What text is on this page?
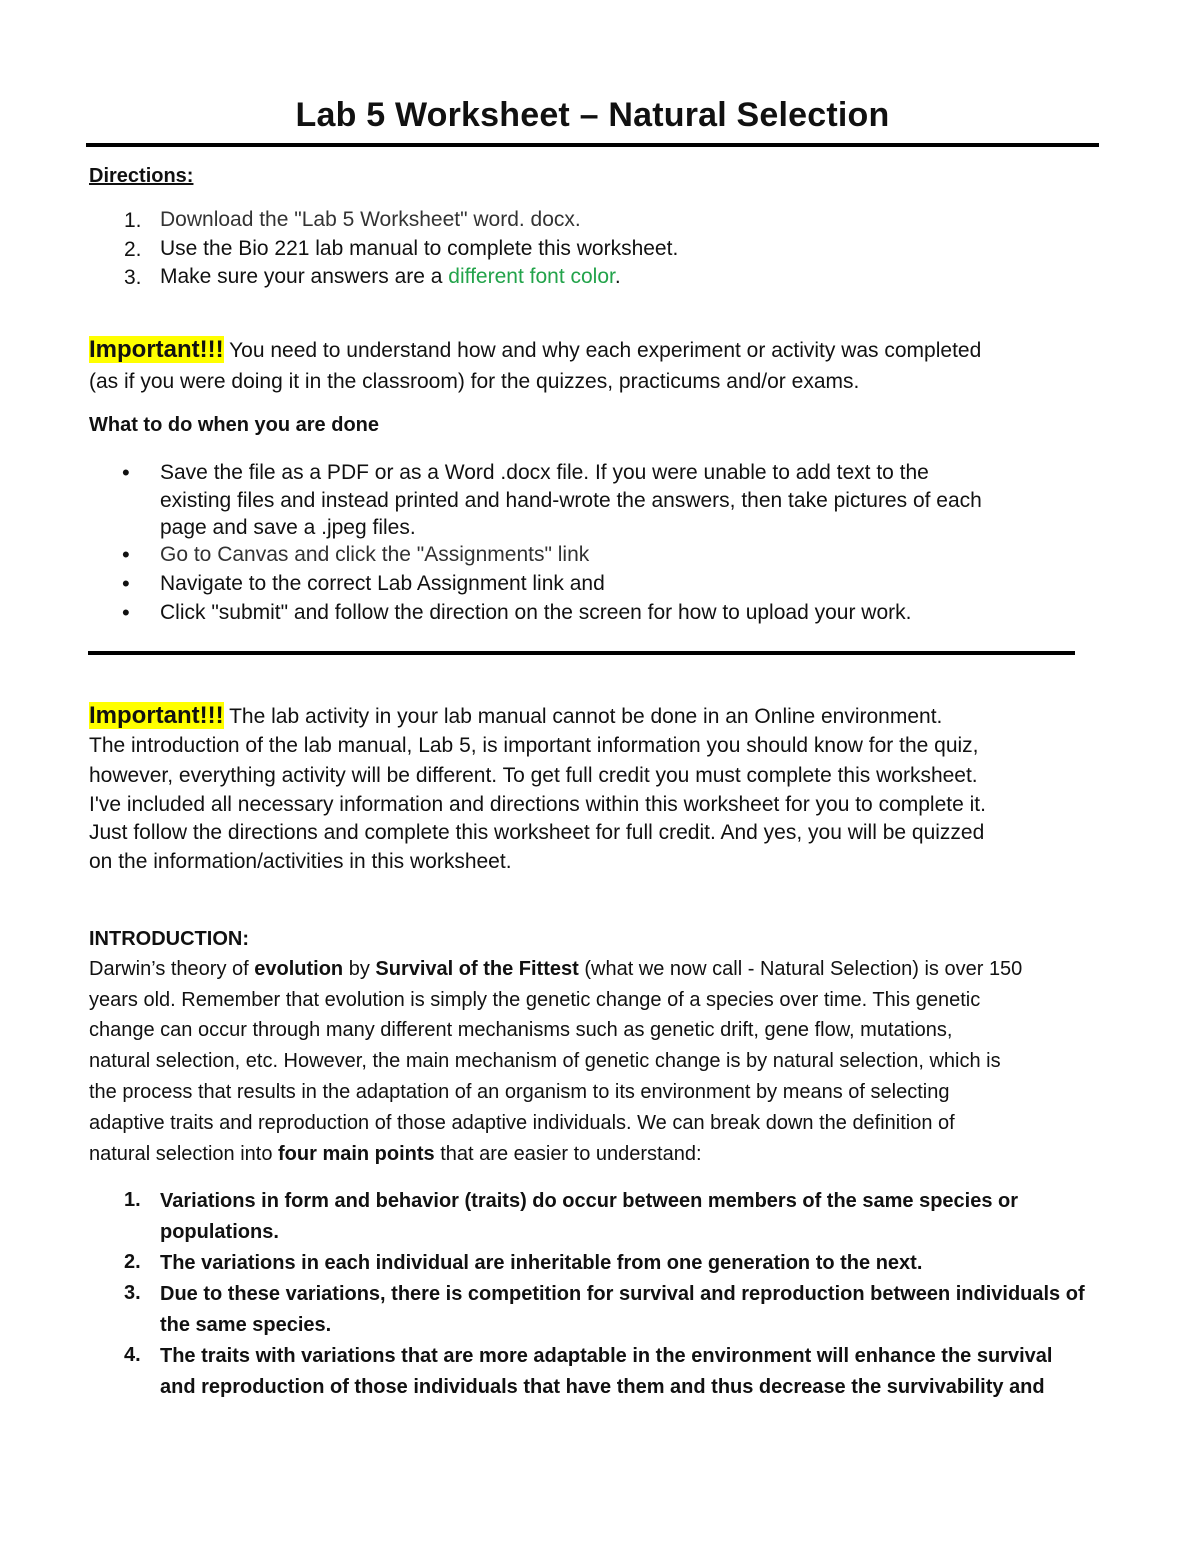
Lab 5 Worksheet – Natural Selection
Directions:
1. Download the "Lab 5 Worksheet" word. docx.
2. Use the Bio 221 lab manual to complete this worksheet.
3. Make sure your answers are a different font color.
Important!!! You need to understand how and why each experiment or activity was completed
(as if you were doing it in the classroom) for the quizzes, practicums and/or exams.
What to do when you are done
• Save the file as a PDF or as a Word .docx file. If you were unable to add text to the
existing files and instead printed and hand-wrote the answers, then take pictures of each
page and save a .jpeg files.
• Go to Canvas and click the "Assignments" link
• Navigate to the correct Lab Assignment link and
• Click "submit" and follow the direction on the screen for how to upload your work.
Important!!! The lab activity in your lab manual cannot be done in an Online environment.
The introduction of the lab manual, Lab 5, is important information you should know for the quiz,
however, everything activity will be different. To get full credit you must complete this worksheet.
I've included all necessary information and directions within this worksheet for you to complete it.
Just follow the directions and complete this worksheet for full credit. And yes, you will be quizzed
on the information/activities in this worksheet.
INTRODUCTION:
Darwin’s theory of evolution by Survival of the Fittest (what we now call - Natural Selection) is over 150
years old. Remember that evolution is simply the genetic change of a species over time. This genetic
change can occur through many different mechanisms such as genetic drift, gene flow, mutations,
natural selection, etc. However, the main mechanism of genetic change is by natural selection, which is
the process that results in the adaptation of an organism to its environment by means of selecting
adaptive traits and reproduction of those adaptive individuals. We can break down the definition of
natural selection into four main points that are easier to understand:
1. Variations in form and behavior (traits) do occur between members of the same species or
populations.
2. The variations in each individual are inheritable from one generation to the next.
3. Due to these variations, there is competition for survival and reproduction between individuals of
the same species.
4. The traits with variations that are more adaptable in the environment will enhance the survival
and reproduction of those individuals that have them and thus decrease the survivability and
